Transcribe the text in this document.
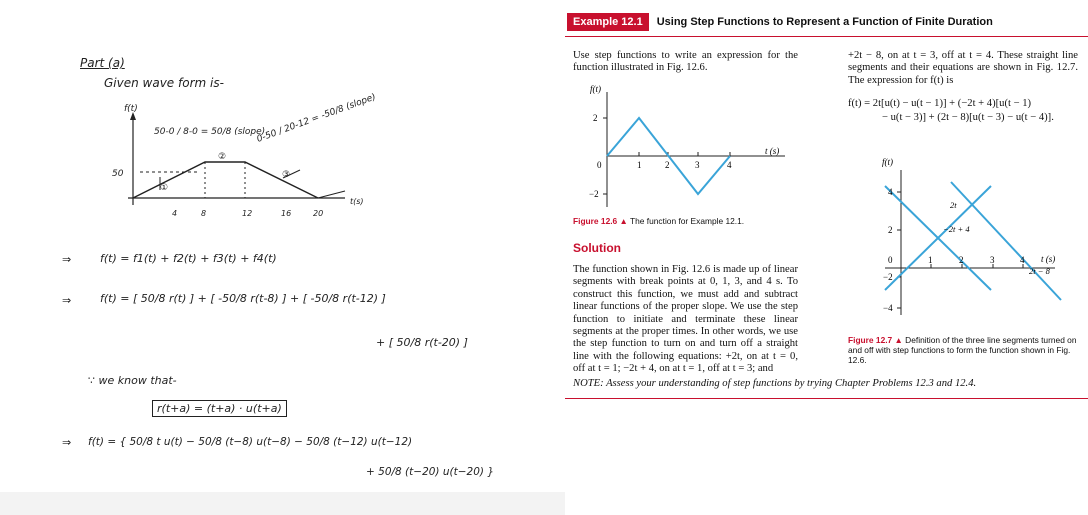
Part (a)
Given wave form is-
f(t)
50-0 / 8-0 = 50/8 (slope)
0-50 / 20-12 = -50/8 (slope)
50
①
②
③
4	8	12	16	20
t(s)
⇒	f(t) = f1(t) + f2(t) + f3(t) + f4(t)
⇒	f(t) = [ 50/8 r(t) ] + [ -50/8 r(t-8) ] + [ -50/8 r(t-12) ]
+ [ 50/8 r(t-20) ]
∵ we know that-
r(t+a) = (t+a) · u(t+a)
⇒ f(t) = { 50/8 t u(t) − 50/8 (t−8) u(t−8) − 50/8 (t−12) u(t−12)
+ 50/8 (t−20) u(t−20) }
Example 12.1	Using Step Functions to Represent a Function of Finite Duration
Use step functions to write an expression for the function illustrated in Fig. 12.6.
+2t − 8, on at t = 3, off at t = 4. These straight line segments and their equations are shown in Fig. 12.7. The expression for f(t) is
f(t) = 2t[u(t) − u(t − 1)] + (−2t + 4)[u(t − 1)
− u(t − 3)] + (2t − 8)[u(t − 3) − u(t − 4)].
f(t)
2
−2
0	1	2	3	4
t (s)
Figure 12.6 ▲ The function for Example 12.1.
Solution
The function shown in Fig. 12.6 is made up of linear segments with break points at 0, 1, 3, and 4 s. To construct this function, we must add and subtract linear functions of the proper slope. We use the step function to initiate and terminate these linear segments at the proper times. In other words, we use the step function to turn on and turn off a straight line with the following equations: +2t, on at t = 0, off at t = 1; −2t + 4, on at t = 1, off at t = 3; and
f(t)
4
2
0
−2
−4
1	2	3	4 t (s)
2t
−2t + 4
2t − 8
Figure 12.7 ▲ Definition of the three line segments turned on and off with step functions to form the function shown in Fig. 12.6.
NOTE: Assess your understanding of step functions by trying Chapter Problems 12.3 and 12.4.
